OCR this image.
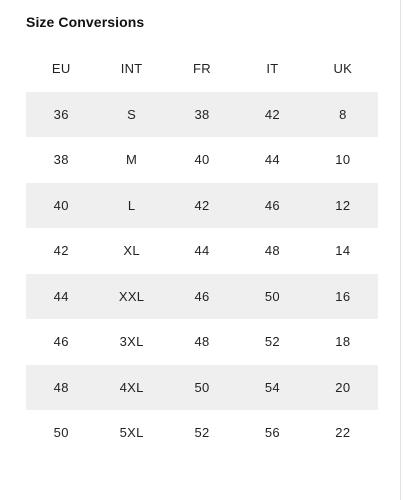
Size Conversions
EU	INT	FR	IT	UK
36	S	38	42	8
38	M	40	44	10
40	L	42	46	12
42	XL	44	48	14
44	XXL	46	50	16
46	3XL	48	52	18
48	4XL	50	54	20
50	5XL	52	56	22
